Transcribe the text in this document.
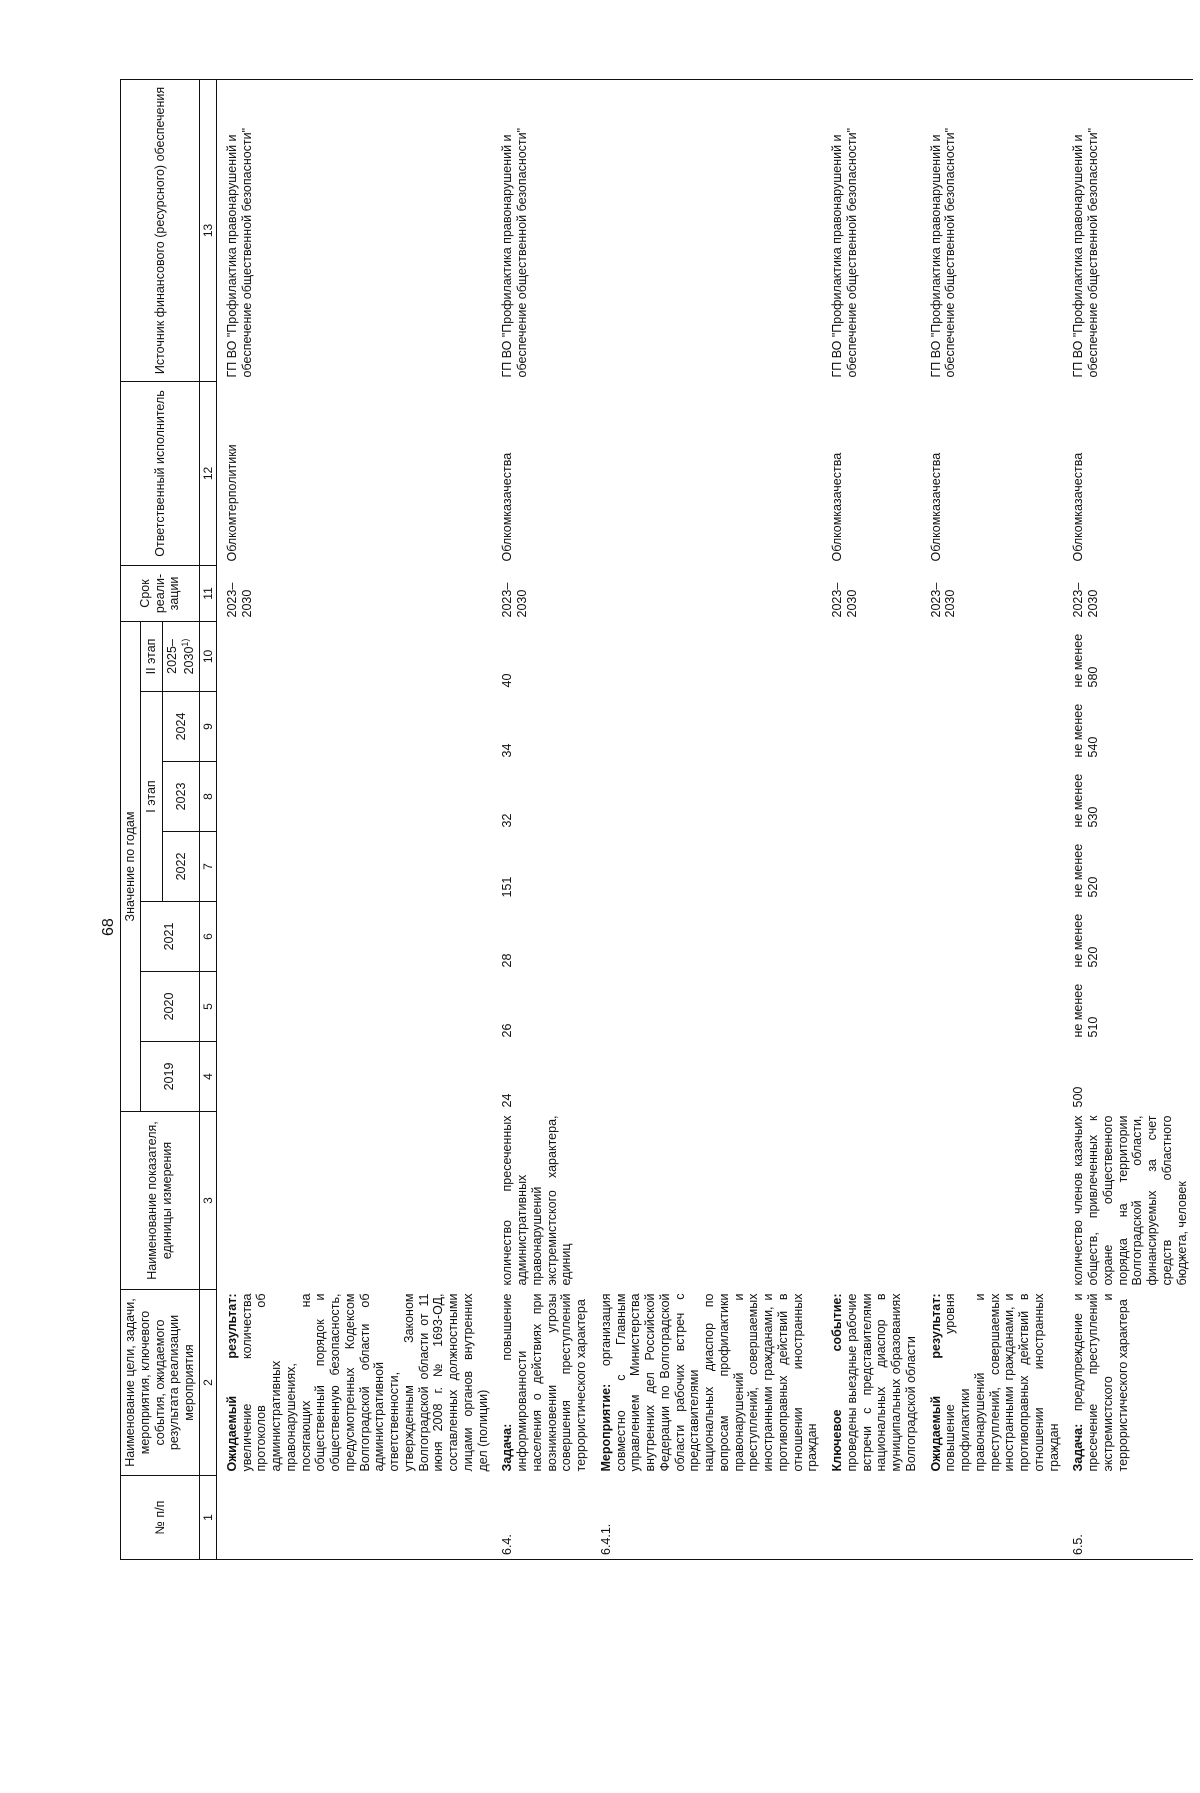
68
№ п/п	Наименование цели, задачи, мероприятия, ключевого события, ожидаемого результата реализации мероприятия	Наименование показателя, единицы измерения	Значение по годам							Срок реали-зации	Ответственный исполнитель	Источник финансового (ресурсного) обеспечения
			2019	2020	2021	I этап			II этап			
						2022	2023	2024	2025–2030$^{1)}$
1	2	3	4	5	6	7	8	9	10	11	12	13
	Ожидаемый результат: увеличение количества протоколов об административных правонарушениях, посягающих на общественный порядок и общественную безопасность, предусмотренных Кодексом Волгоградской области об административной ответственности, утвержденным Законом Волгоградской области от 11 июня 2008 г. № 1693-ОД, составленных должностными лицами органов внутренних дел (полиции)									2023–2030	Облкомтерполитики	ГП ВО "Профилактика правонарушений и обеспечение общественной безопасности"
6.4.	Задача: повышение информированности населения о действиях при возникновении угрозы совершения преступлений террористического характера	количество пресеченных административных правонарушений экстремистского характера, единиц	24	26	28	151	32	34	40	2023–2030	Облкомказачества	ГП ВО "Профилактика правонарушений и обеспечение общественной безопасности"
6.4.1.	Мероприятие: организация совместно с Главным управлением Министерства внутренних дел Российской Федерации по Волгоградской области рабочих встреч с представителями национальных диаспор по вопросам профилактики правонарушений и преступлений, совершаемых иностранными гражданами, и противоправных действий в отношении иностранных граждан											
	Ключевое событие: проведены выездные рабочие встречи с представителями национальных диаспор в муниципальных образованиях Волгоградской области									2023–2030	Облкомказачества	ГП ВО "Профилактика правонарушений и обеспечение общественной безопасности"
	Ожидаемый результат: повышение уровня профилактики правонарушений и преступлений, совершаемых иностранными гражданами, и противоправных действий в отношении иностранных граждан									2023–2030	Облкомказачества	ГП ВО "Профилактика правонарушений и обеспечение общественной безопасности"
6.5.	Задача: предупреждение и пресечение преступлений экстремистского и террористического характера	количество членов казачьих обществ, привлеченных к охране общественного порядка на территории Волгоградской области, финансируемых за счет средств областного бюджета, человек	500	не менее 510	не менее 520	не менее 520	не менее 530	не менее 540	не менее 580	2023–2030	Облкомказачества	ГП ВО "Профилактика правонарушений и обеспечение общественной безопасности"
